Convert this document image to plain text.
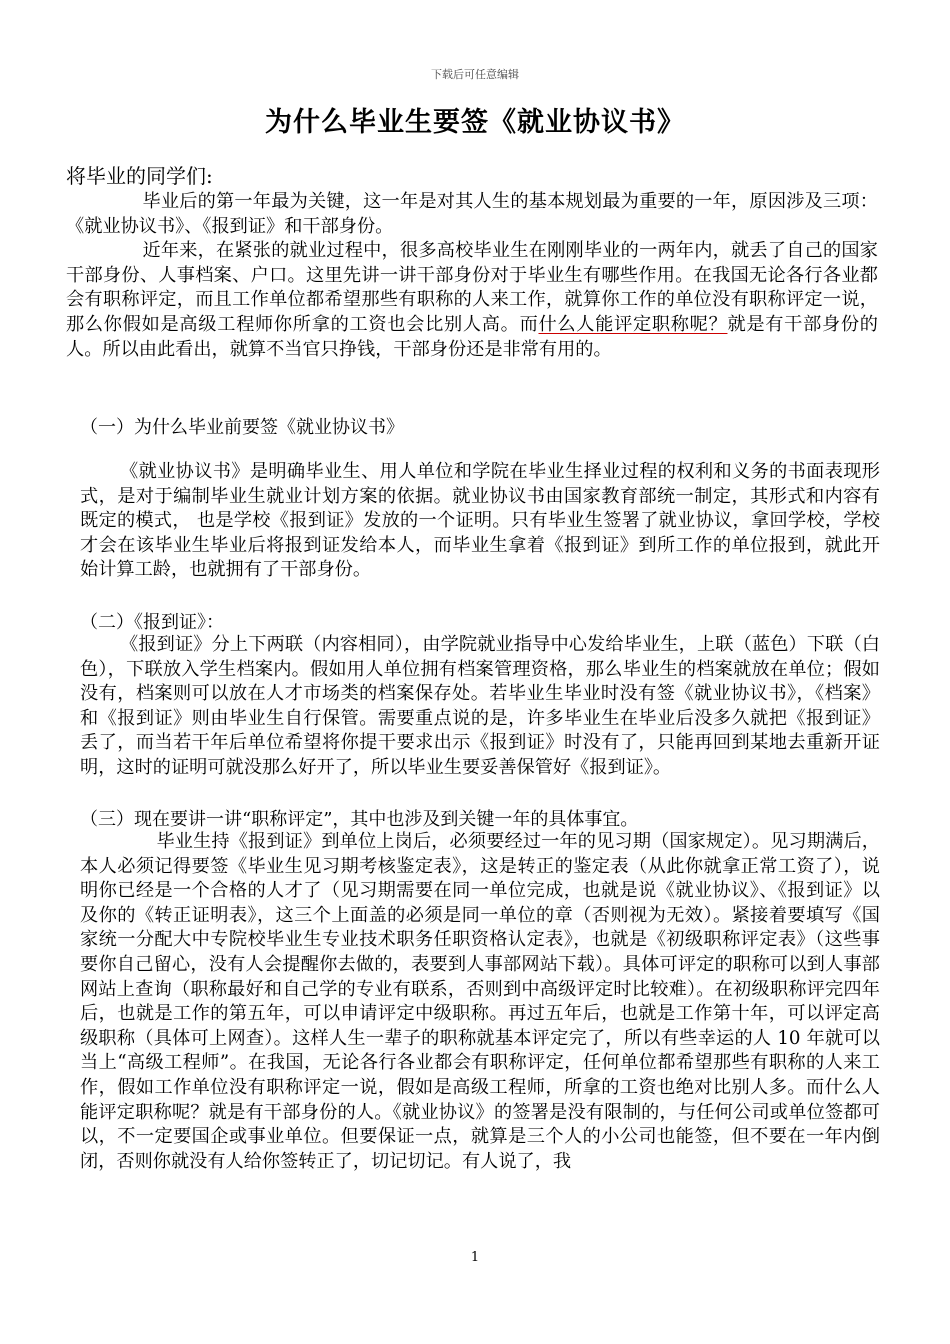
下载后可任意编辑
为什么毕业生要签《就业协议书》
将毕业的同学们:

毕业后的第一年最为关键，这一年是对其人生的基本规划最为重要的一年，原因涉及三项：《就业协议书》、《报到证》和干部身份。

近年来，在紧张的就业过程中，很多高校毕业生在刚刚毕业的一两年内，就丢了自己的国家干部身份、人事档案、户口。这里先讲一讲干部身份对于毕业生有哪些作用。在我国无论各行各业都会有职称评定，而且工作单位都希望那些有职称的人来工作，就算你工作的单位没有职称评定一说，那么你假如是高级工程师你所拿的工资也会比别人高。而什么人能评定职称呢？就是有干部身份的人。所以由此看出，就算不当官只挣钱，干部身份还是非常有用的。

（一）为什么毕业前要签《就业协议书》

《就业协议书》是明确毕业生、用人单位和学院在毕业生择业过程的权利和义务的书面表现形式，是对于编制毕业生就业计划方案的依据。就业协议书由国家教育部统一制定，其形式和内容有既定的模式， 也是学校《报到证》发放的一个证明。只有毕业生签署了就业协议，拿回学校，学校才会在该毕业生毕业后将报到证发给本人，而毕业生拿着《报到证》到所工作的单位报到，就此开始计算工龄，也就拥有了干部身份。

（二）《报到证》：

《报到证》分上下两联（内容相同），由学院就业指导中心发给毕业生，上联（蓝色）下联（白色），下联放入学生档案内。假如用人单位拥有档案管理资格，那么毕业生的档案就放在单位；假如没有，档案则可以放在人才市场类的档案保存处。若毕业生毕业时没有签《就业协议书》，《档案》和《报到证》则由毕业生自行保管。需要重点说的是，许多毕业生在毕业后没多久就把《报到证》丢了，而当若干年后单位希望将你提干要求出示《报到证》时没有了，只能再回到某地去重新开证明，这时的证明可就没那么好开了，所以毕业生要妥善保管好《报到证》。

（三）现在要讲一讲“职称评定”，其中也涉及到关键一年的具体事宜。

毕业生持《报到证》到单位上岗后，必须要经过一年的见习期（国家规定）。见习期满后，本人必须记得要签《毕业生见习期考核鉴定表》，这是转正的鉴定表（从此你就拿正常工资了），说明你已经是一个合格的人才了（见习期需要在同一单位完成，也就是说《就业协议》、《报到证》以及你的《转正证明表》，这三个上面盖的必须是同一单位的章（否则视为无效）。紧接着要填写《国家统一分配大中专院校毕业生专业技术职务任职资格认定表》，也就是《初级职称评定表》（这些事要你自己留心，没有人会提醒你去做的，表要到人事部网站下载）。具体可评定的职称可以到人事部网站上查询（职称最好和自己学的专业有联系，否则到中高级评定时比较难）。在初级职称评完四年后，也就是工作的第五年，可以申请评定中级职称。再过五年后，也就是工作第十年，可以评定高级职称（具体可上网查）。这样人生一辈子的职称就基本评定完了，所以有些幸运的人 10 年就可以当上“高级工程师”。在我国，无论各行各业都会有职称评定，任何单位都希望那些有职称的人来工作，假如工作单位没有职称评定一说，假如是高级工程师，所拿的工资也绝对比别人多。而什么人能评定职称呢？就是有干部身份的人。《就业协议》的签署是没有限制的，与任何公司或单位签都可以，不一定要国企或事业单位。但要保证一点，就算是三个人的小公司也能签，但不要在一年内倒闭，否则你就没有人给你签转正了，切记切记。有人说了，我

1
